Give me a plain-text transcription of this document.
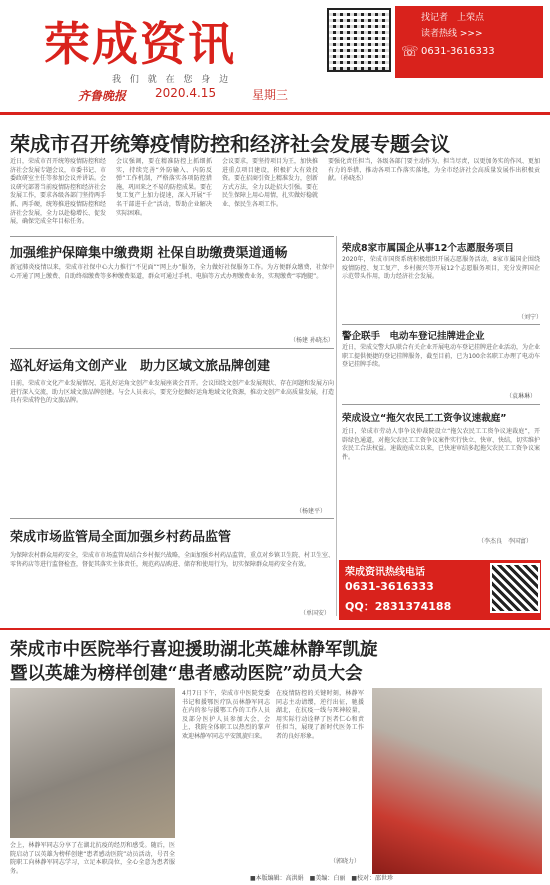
荣成资讯
我 们 就 在 您 身 边
齐鲁晚报 2020.4.15	星期三
找记者　上荣点
读者热线 >>>
☏ 0631-3616333
荣成市召开统筹疫情防控和经济社会发展专题会议
近日，荣成市召开统筹疫情防控和经济社会发展专题会议，市委书记、市委政研室主任等参加会议并讲话。会议研究部署当前疫情防控和经济社会发展工作，要求各级各部门坚持两手抓、两手硬，统筹推进疫情防控和经济社会发展，全力以赴稳增长、促发展，确保完成全年目标任务。
会议强调，要在精准防控上抓细抓实，持续完善“外防输入、内防反弹”工作机制，严格落实各项防控措施，巩固来之不易的防控成果。要在复工复产上加力提速，深入开展“千名干部进千企”活动，帮助企业解决实际困难。
会议要求，要坚持项目为王，加快推进重点项目建设，积极扩大有效投资。要在招商引资上精准发力，创新方式方法，全力以赴招大引强。要在民生保障上用心用情，扎实做好稳就业、保民生各项工作。
要强化责任担当，各级各部门要主动作为、担当尽责，以更加务实的作风、更加有力的举措，推动各项工作落实落地，为全市经济社会高质量发展作出积极贡献。（孙晓杰）
加强维护保障集中缴费期 社保自助缴费渠道通畅
新冠肺炎疫情以来，荣成市社保中心大力推行“不见面”“网上办”服务，全力做好社保服务工作。为方便群众缴费，社保中心开通了网上缴费、自助终端缴费等多种缴费渠道，群众可通过手机、电脑等方式办理缴费业务，实现缴费“零跑腿”。
（杨建 孙晓杰）
巡礼好运角文创产业　助力区域文旅品牌创建
日前，荣成市文化产业发展情况、巡礼好运角文创产业发展座谈会召开。会议围绕文创产业发展现状、存在问题和发展方向进行深入交流，助力区域文旅品牌创建。与会人员表示，要充分挖掘好运角地域文化资源，推动文创产业高质量发展，打造具有荣成特色的文旅品牌。
（杨建平）
荣成市场监管局全面加强乡村药品监管
为保障农村群众用药安全，荣成市市场监管局结合乡村振兴战略，全面加强乡村药品监管，重点对乡镇卫生院、村卫生室、零售药店等进行监督检查，督促其落实主体责任，规范药品购进、储存和使用行为，切实保障群众用药安全有效。
（单国安）
荣成8家市属国企从事12个志愿服务项目
2020年，荣成市国资系统积极组织开展志愿服务活动，8家市属国企围绕疫情防控、复工复产、乡村振兴等开展12个志愿服务项目，充分发挥国企示范带头作用，助力经济社会发展。
（刘宁）
警企联手　电动车登记挂牌进企业
近日，荣成交警大队联合有关企业开展电动车登记挂牌进企业活动，为企业职工提供便捷的登记挂牌服务，截至目前，已为100余名职工办理了电动车登记挂牌手续。
（袁琳琳）
荣成设立“拖欠农民工工资争议速裁庭”
近日，荣成市劳动人事争议仲裁院设立“拖欠农民工工资争议速裁庭”，开辟绿色通道，对拖欠农民工工资争议案件实行快立、快审、快结，切实维护农民工合法权益。速裁庭成立以来，已快速审结多起拖欠农民工工资争议案件。
（李杰良　李国富）
荣成资讯热线电话
0631-3616333
QQ：2831374188
荣成市中医院举行喜迎援助湖北英雄林静军凯旋
暨以英雄为榜样创建“患者感动医院”动员大会
4月7日下午，荣成市中医院党委书记和援鄂医疗队员林静军同志在内的参与援鄂工作的工作人员及部分医护人员参加大会，会上，我院全体职工以热烈的掌声欢迎林静军同志平安凯旋归来。
在疫情防控的关键时刻，林静军同志主动请缨，逆行出征，驰援湖北，在抗疫一线与死神较量，用实际行动诠释了医者仁心和责任担当，展现了新时代医务工作者的良好形象。
会上，林静军同志分享了在湖北抗疫的经历和感受。随后，医院启动了以英雄为榜样创建“患者感动医院”动员活动，号召全院职工向林静军同志学习，立足本职岗位，全心全意为患者服务。
（郭晓力）
■本版编辑：高洪娟　■美编：白丽　■校对：邵世珍
